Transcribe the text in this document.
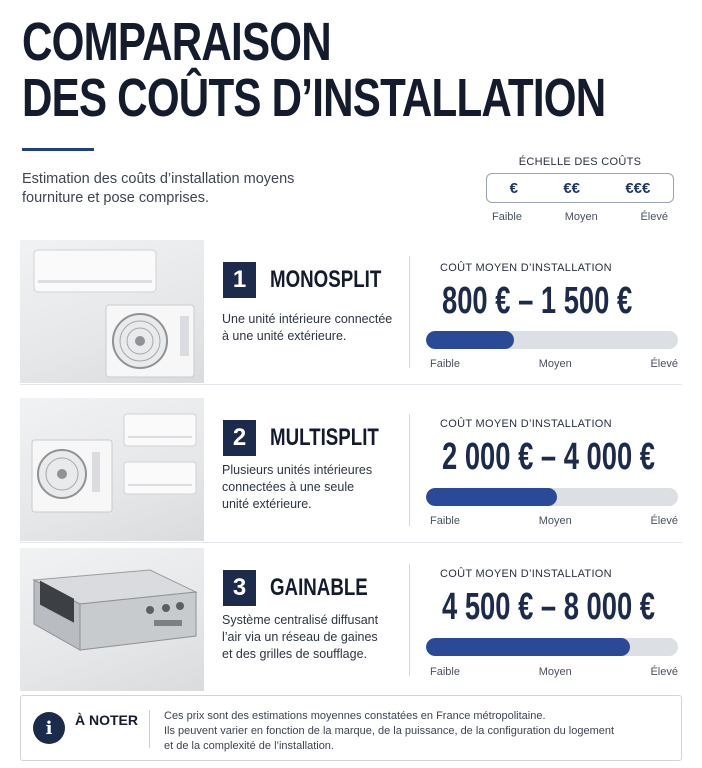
COMPARAISON
DES COÛTS D’INSTALLATION
Estimation des coûts d’installation moyens
fourniture et pose comprises.
ÉCHELLE DES COÛTS
€	€€	€€€
Faible	Moyen	Élevé
1 MONOSPLIT
Une unité intérieure connectée
à une unité extérieure.
COÛT MOYEN D’INSTALLATION
800 € – 1 500 €
Faible	Moyen	Élevé
2 MULTISPLIT
Plusieurs unités intérieures
connectées à une seule
unité extérieure.
COÛT MOYEN D’INSTALLATION
2 000 € – 4 000 €
Faible	Moyen	Élevé
3 GAINABLE
Système centralisé diffusant
l’air via un réseau de gaines
et des grilles de soufflage.
COÛT MOYEN D’INSTALLATION
4 500 € – 8 000 €
Faible	Moyen	Élevé
i	À NOTER Ces prix sont des estimations moyennes constatées en France métropolitaine.
Ils peuvent varier en fonction de la marque, de la puissance, de la configuration du logement
et de la complexité de l’installation.
